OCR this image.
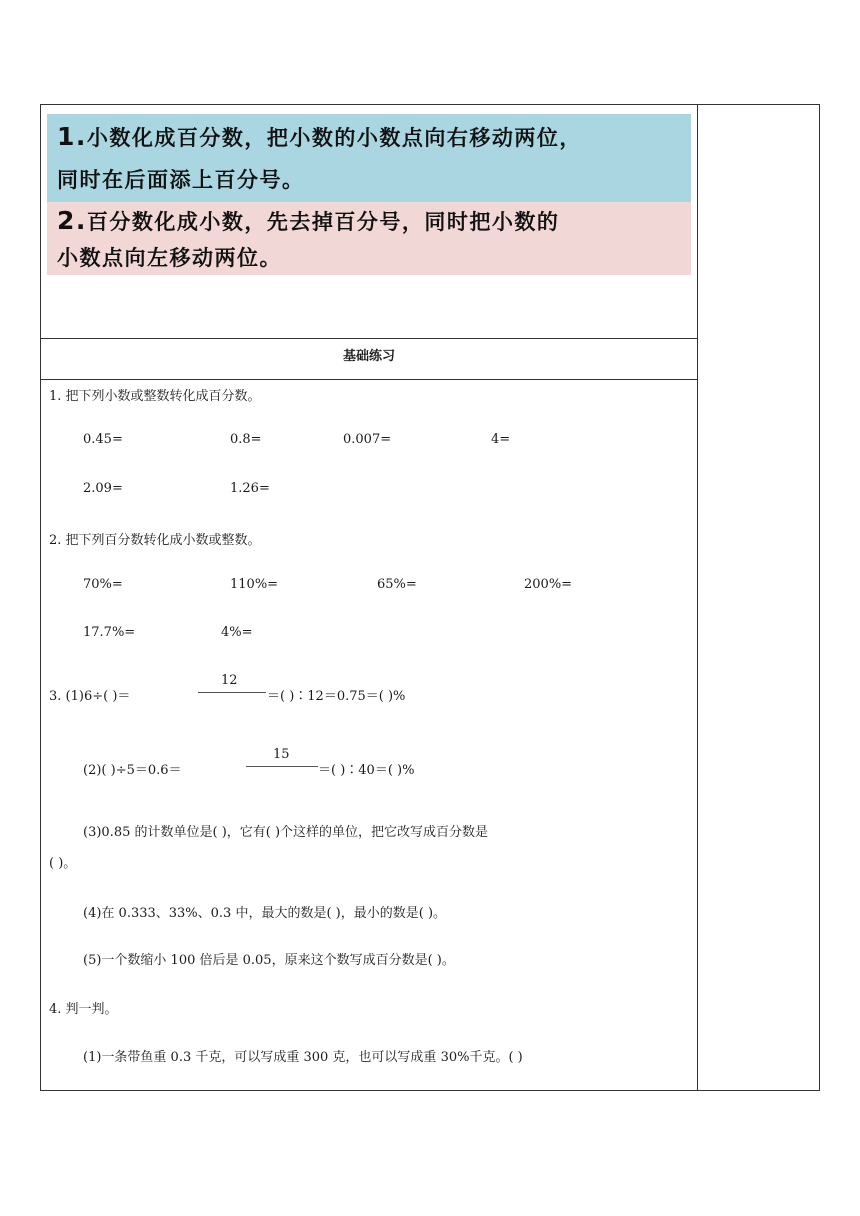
1.小数化成百分数，把小数的小数点向右移动两位，
同时在后面添上百分号。
2.百分数化成小数，先去掉百分号，同时把小数的
小数点向左移动两位。
基础练习
1. 把下列小数或整数转化成百分数。
0.45=	0.8=	0.007=	4=
2.09=	1.26=
2. 把下列百分数转化成小数或整数。
70%=	110%=	65%=	200%=
17.7%=	4%=
3. (1)6÷( )＝
12
＝( )∶12＝0.75＝( )%
(2)( )÷5＝0.6＝
15
＝( )∶40＝( )%
(3)0.85 的计数单位是( )，它有( )个这样的单位，把它改写成百分数是
( )。
(4)在 0.333、33%、0.3 中，最大的数是( )，最小的数是( )。
(5)一个数缩小 100 倍后是 0.05，原来这个数写成百分数是( )。
4. 判一判。
(1)一条带鱼重 0.3 千克，可以写成重 300 克，也可以写成重 30%千克。( )
